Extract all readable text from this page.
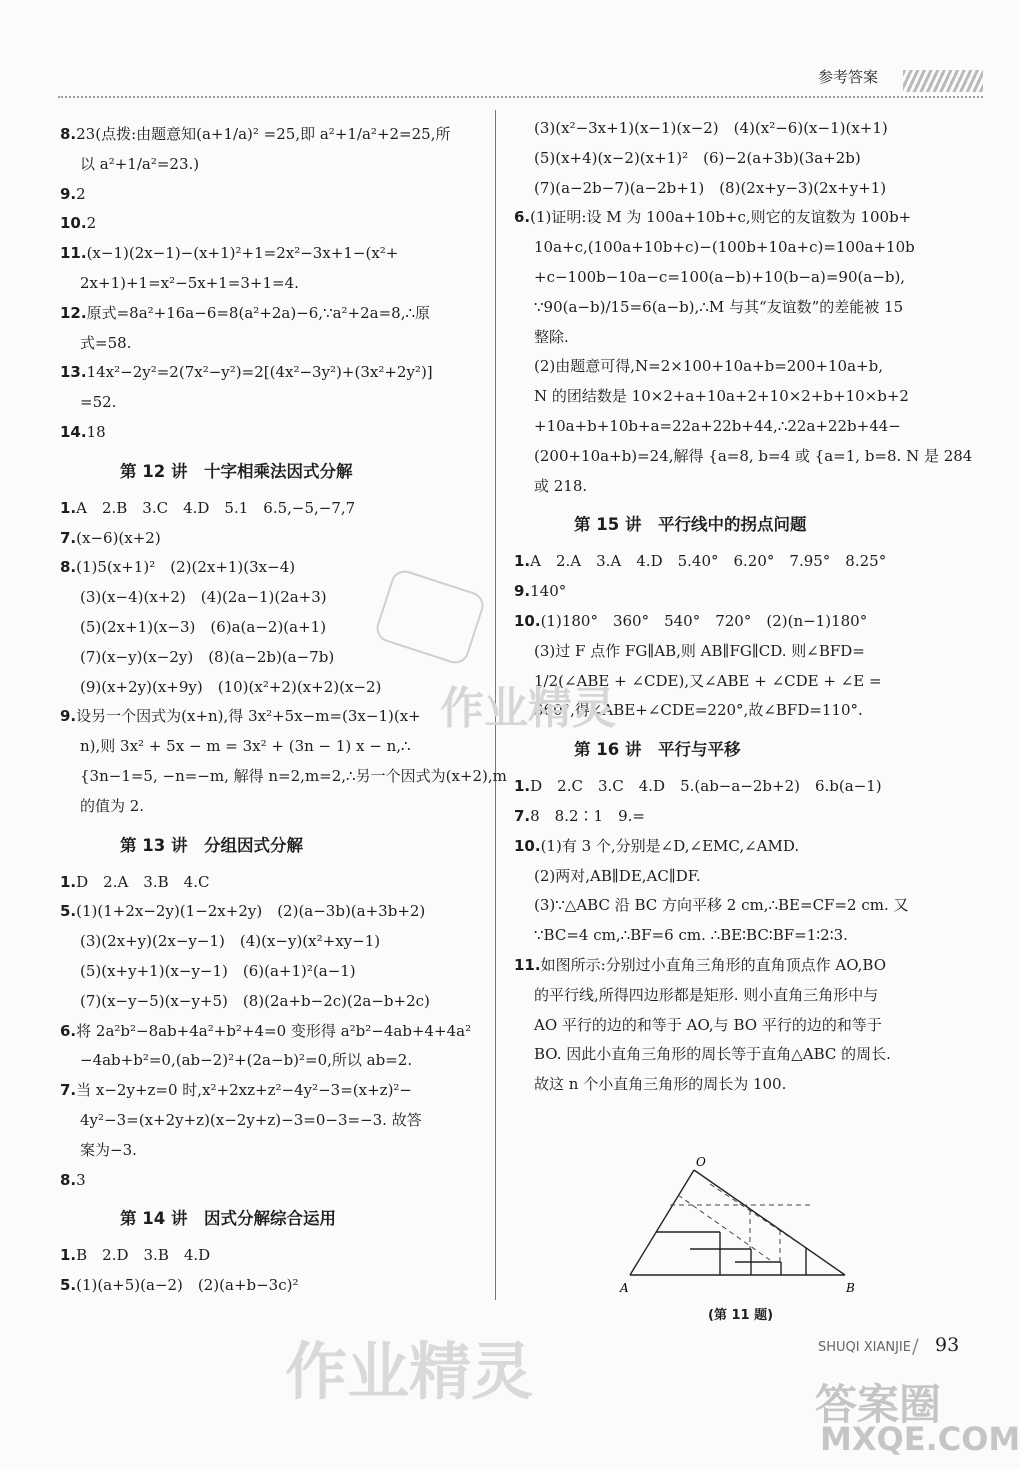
参考答案
8.23(点拨:由题意知(a+1/a)² =25,即 a²+1/a²+2=25,所
以 a²+1/a²=23.)
9.2
10.2
11.(x−1)(2x−1)−(x+1)²+1=2x²−3x+1−(x²+
2x+1)+1=x²−5x+1=3+1=4.
12.原式=8a²+16a−6=8(a²+2a)−6,∵a²+2a=8,∴原
式=58.
13.14x²−2y²=2(7x²−y²)=2[(4x²−3y²)+(3x²+2y²)]
=52.
14.18
第 12 讲　十字相乘法因式分解
1.A　2.B　3.C　4.D　5.1　6.5,−5,−7,7
7.(x−6)(x+2)
8.(1)5(x+1)²　(2)(2x+1)(3x−4)
(3)(x−4)(x+2)　(4)(2a−1)(2a+3)
(5)(2x+1)(x−3)　(6)a(a−2)(a+1)
(7)(x−y)(x−2y)　(8)(a−2b)(a−7b)
(9)(x+2y)(x+9y)　(10)(x²+2)(x+2)(x−2)
9.设另一个因式为(x+n),得 3x²+5x−m=(3x−1)(x+
n),则 3x² + 5x − m = 3x² + (3n − 1) x − n,∴
{3n−1=5, −n=−m, 解得 n=2,m=2,∴另一个因式为(x+2),m
的值为 2.
第 13 讲　分组因式分解
1.D　2.A　3.B　4.C
5.(1)(1+2x−2y)(1−2x+2y)　(2)(a−3b)(a+3b+2)
(3)(2x+y)(2x−y−1)　(4)(x−y)(x²+xy−1)
(5)(x+y+1)(x−y−1)　(6)(a+1)²(a−1)
(7)(x−y−5)(x−y+5)　(8)(2a+b−2c)(2a−b+2c)
6.将 2a²b²−8ab+4a²+b²+4=0 变形得 a²b²−4ab+4+4a²
−4ab+b²=0,(ab−2)²+(2a−b)²=0,所以 ab=2.
7.当 x−2y+z=0 时,x²+2xz+z²−4y²−3=(x+z)²−
4y²−3=(x+2y+z)(x−2y+z)−3=0−3=−3. 故答
案为−3.
8.3
第 14 讲　因式分解综合运用
1.B　2.D　3.B　4.D
5.(1)(a+5)(a−2)　(2)(a+b−3c)²
(3)(x²−3x+1)(x−1)(x−2)　(4)(x²−6)(x−1)(x+1)
(5)(x+4)(x−2)(x+1)²　(6)−2(a+3b)(3a+2b)
(7)(a−2b−7)(a−2b+1)　(8)(2x+y−3)(2x+y+1)
6.(1)证明:设 M 为 100a+10b+c,则它的友谊数为 100b+
10a+c,(100a+10b+c)−(100b+10a+c)=100a+10b
+c−100b−10a−c=100(a−b)+10(b−a)=90(a−b),
∵90(a−b)/15=6(a−b),∴M 与其“友谊数”的差能被 15
整除.
(2)由题意可得,N=2×100+10a+b=200+10a+b,
N 的团结数是 10×2+a+10a+2+10×2+b+10×b+2
+10a+b+10b+a=22a+22b+44,∴22a+22b+44−
(200+10a+b)=24,解得 {a=8, b=4 或 {a=1, b=8. N 是 284
或 218.
第 15 讲　平行线中的拐点问题
1.A　2.A　3.A　4.D　5.40°　6.20°　7.95°　8.25°
9.140°
10.(1)180°　360°　540°　720°　(2)(n−1)180°
(3)过 F 点作 FG∥AB,则 AB∥FG∥CD. 则∠BFD=
1/2(∠ABE + ∠CDE),又∠ABE + ∠CDE + ∠E =
360°,得∠ABE+∠CDE=220°,故∠BFD=110°.
第 16 讲　平行与平移
1.D　2.C　3.C　4.D　5.(ab−a−2b+2)　6.b(a−1)
7.8　8.2∶1　9.=
10.(1)有 3 个,分别是∠D,∠EMC,∠AMD.
(2)两对,AB∥DE,AC∥DF.
(3)∵△ABC 沿 BC 方向平移 2 cm,∴BE=CF=2 cm. 又
∵BC=4 cm,∴BF=6 cm. ∴BE∶BC∶BF=1∶2∶3.
11.如图所示:分别过小直角三角形的直角顶点作 AO,BO
的平行线,所得四边形都是矩形. 则小直角三角形中与
AO 平行的边的和等于 AO,与 BO 平行的边的和等于
BO. 因此小直角三角形的周长等于直角△ABC 的周长.
故这 n 个小直角三角形的周长为 100.
O
A	B
(第 11 题)
作业精灵
作业精灵	答案圈
MXQE.COM
SHUQI XIANJIE / 93
